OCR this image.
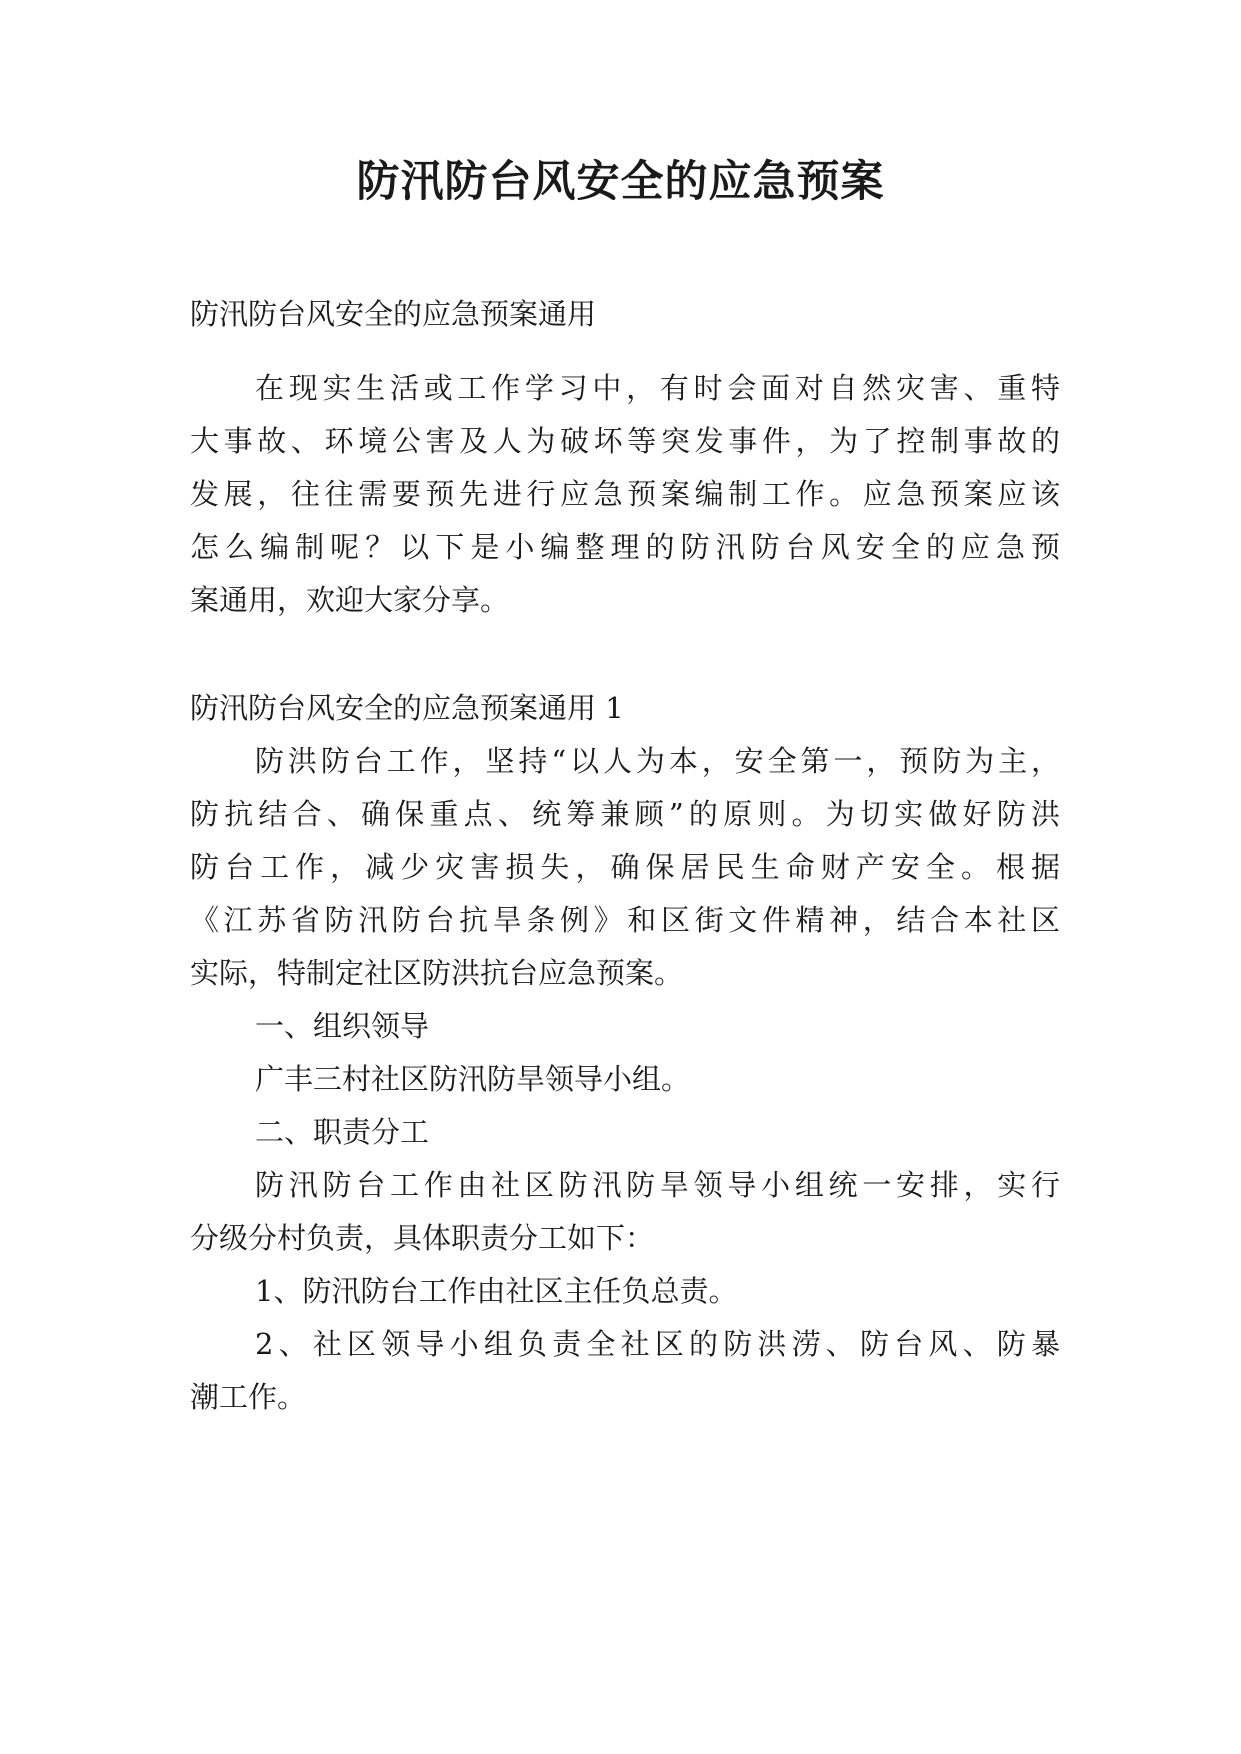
防汛防台风安全的应急预案

防汛防台风安全的应急预案通用

在现实生活或工作学习中，有时会面对自然灾害、重特

大事故、环境公害及人为破坏等突发事件，为了控制事故的

发展，往往需要预先进行应急预案编制工作。应急预案应该

怎么编制呢？以下是小编整理的防汛防台风安全的应急预

案通用，欢迎大家分享。

防汛防台风安全的应急预案通用 1

防洪防台工作，坚持“以人为本，安全第一，预防为主，

防抗结合、确保重点、统筹兼顾”的原则。为切实做好防洪

防台工作，减少灾害损失，确保居民生命财产安全。根据

《江苏省防汛防台抗旱条例》和区街文件精神，结合本社区

实际，特制定社区防洪抗台应急预案。

一、组织领导

广丰三村社区防汛防旱领导小组。

二、职责分工

防汛防台工作由社区防汛防旱领导小组统一安排，实行

分级分村负责，具体职责分工如下：

1、防汛防台工作由社区主任负总责。

2、社区领导小组负责全社区的防洪涝、防台风、防暴

潮工作。
